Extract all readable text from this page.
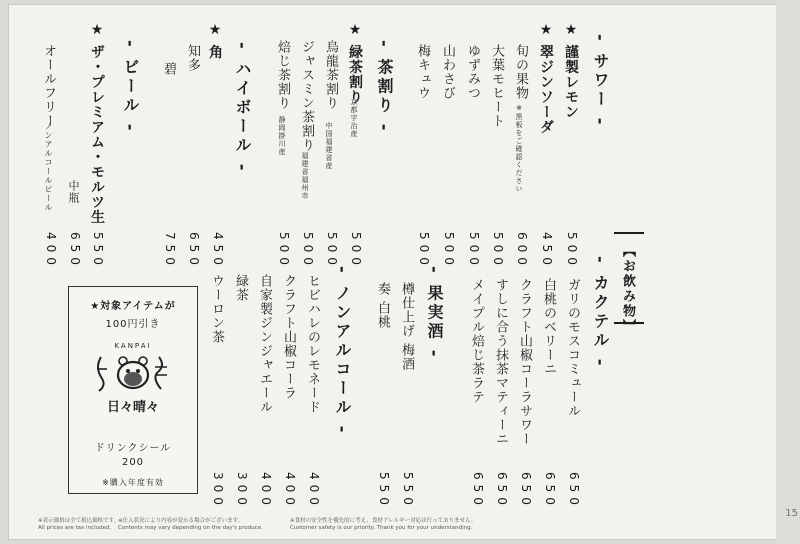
【お飲み物】
- サワー -
★ 謹製レモン
500
★ 翠ジンソーダ
450
旬の果物
※黒板をご確認ください
600
大葉モヒート
500
ゆずみつ
500
山わさび
500
梅キュウ
500
- 茶割り -
★ 緑茶割り
京都宇治産
500
烏龍茶割り
中国福建省産
500
ジャスミン茶割り
福建省福州市
500
焙じ茶割り
静岡掛川産
500
- ハイボール -
★ 角
450
知多
650
碧
750
- ビール -
★ ザ・プレミアム・モルツ生
中瓶
550
650
オールフリー
ノンアルコールビール
400
- カクテル -
ガリのモスコミュール
650
白桃のベリーニ
650
クラフト山椒コーラサワー
650
すしに合う抹茶マティーニ
650
メイプル焙じ茶ラテ
650
- 果実酒 -
樽仕上げ 梅酒
550
奏 白桃
550
- ノンアルコール -
ヒビハレのレモネード
400
クラフト山椒コーラ
400
自家製ジンジャエール
400
緑茶
300
ウーロン茶
300
★対象アイテムが
100円引き
KANPAI
日々晴々
ドリンクシール
200
※購入年度有効
※表示価格は全て税込価格です。
All prices are tax included.
※仕入状況により内容が変わる場合がございます。
Contents may vary depending on the day's produce.
※食材の安全性を優先的に考え、食材アレルギー対応は行っておりません。
Customer safety is our priority. Thank you for your understanding.
15
